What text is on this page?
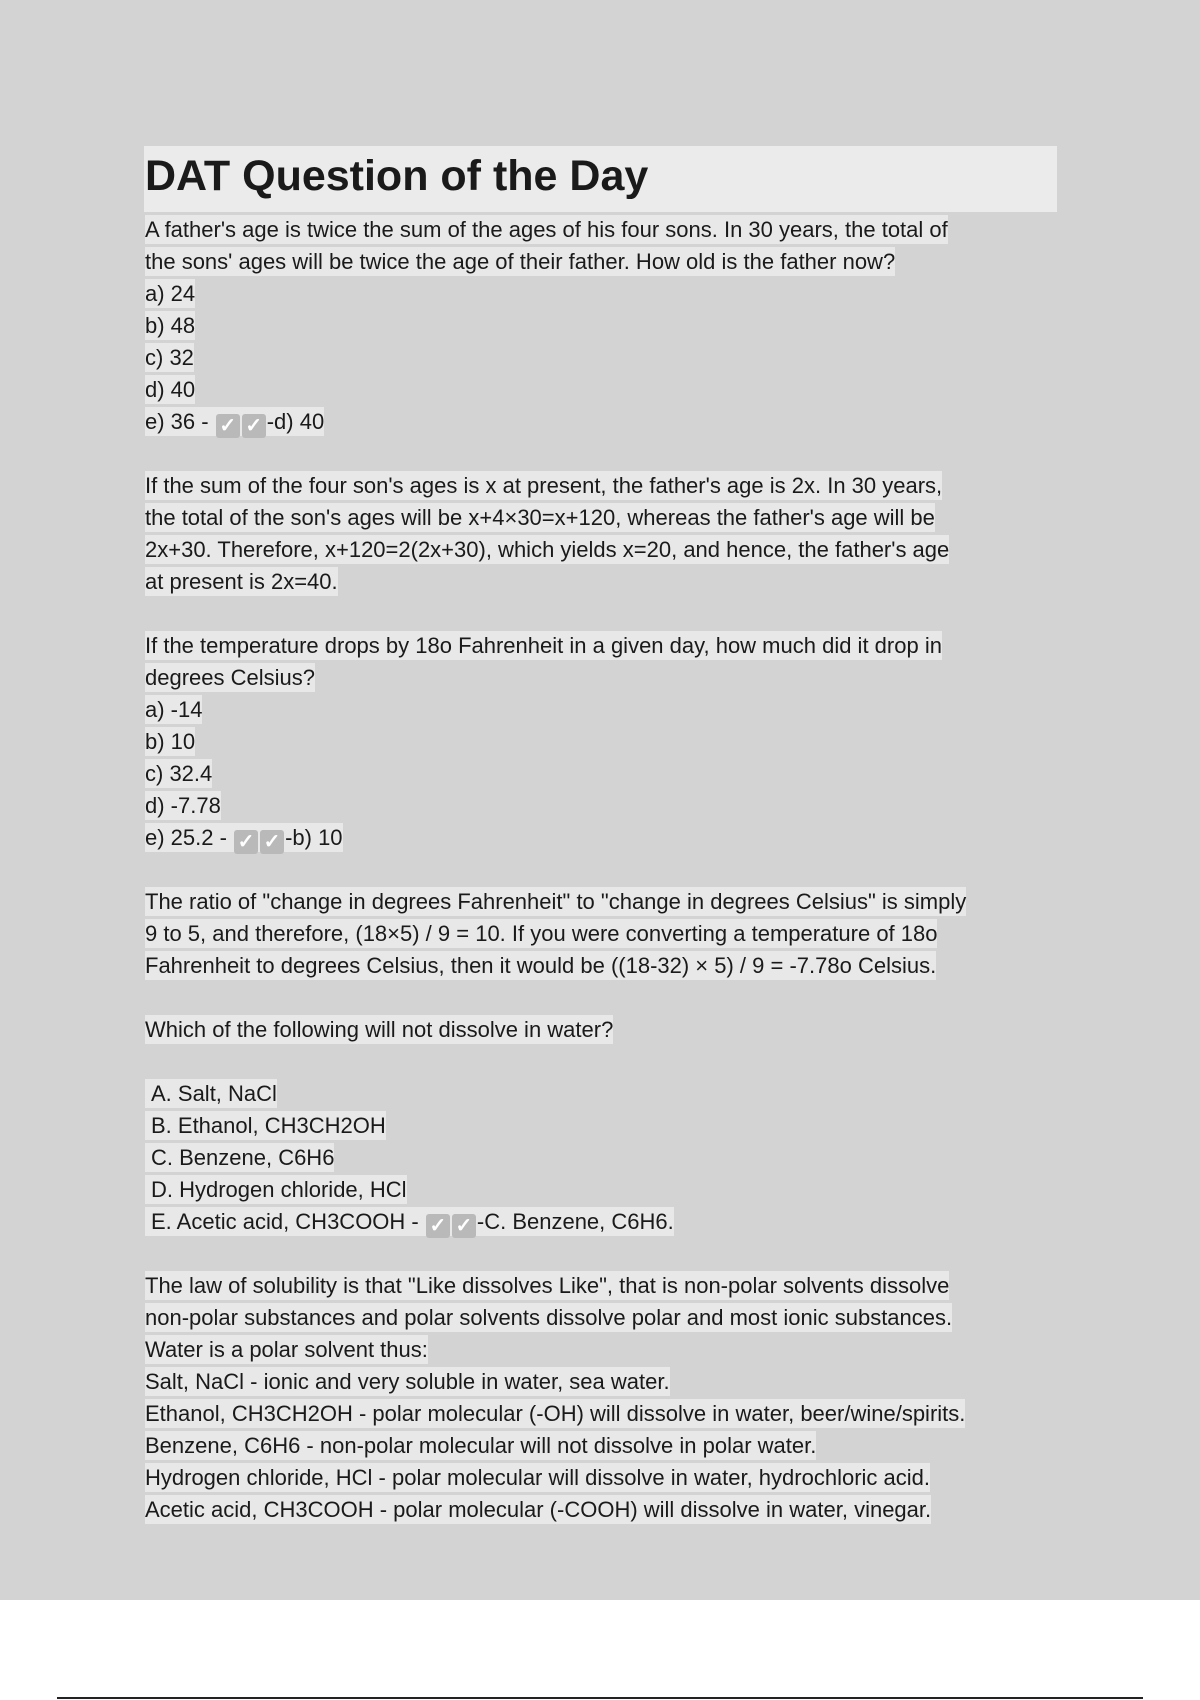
DAT Question of the Day
A father's age is twice the sum of the ages of his four sons. In 30 years, the total of
the sons' ages will be twice the age of their father. How old is the father now?
a) 24
b) 48
c) 32
d) 40
e) 36 - ✓ ✓ -d) 40
If the sum of the four son's ages is x at present, the father's age is 2x. In 30 years,
the total of the son's ages will be x+4×30=x+120, whereas the father's age will be
2x+30. Therefore, x+120=2(2x+30), which yields x=20, and hence, the father's age
at present is 2x=40.
If the temperature drops by 18o Fahrenheit in a given day, how much did it drop in
degrees Celsius?
a) -14
b) 10
c) 32.4
d) -7.78
e) 25.2 - ✓ ✓ -b) 10
The ratio of "change in degrees Fahrenheit" to "change in degrees Celsius" is simply
9 to 5, and therefore, (18×5) / 9 = 10. If you were converting a temperature of 18o
Fahrenheit to degrees Celsius, then it would be ((18-32) × 5) / 9 = -7.78o Celsius.
Which of the following will not dissolve in water?
A. Salt, NaCl
B. Ethanol, CH3CH2OH
C. Benzene, C6H6
D. Hydrogen chloride, HCl
E. Acetic acid, CH3COOH - ✓ ✓ -C. Benzene, C6H6.
The law of solubility is that "Like dissolves Like", that is non-polar solvents dissolve
non-polar substances and polar solvents dissolve polar and most ionic substances.
Water is a polar solvent thus:
Salt, NaCl - ionic and very soluble in water, sea water.
Ethanol, CH3CH2OH - polar molecular (-OH) will dissolve in water, beer/wine/spirits.
Benzene, C6H6 - non-polar molecular will not dissolve in polar water.
Hydrogen chloride, HCl - polar molecular will dissolve in water, hydrochloric acid.
Acetic acid, CH3COOH - polar molecular (-COOH) will dissolve in water, vinegar.
